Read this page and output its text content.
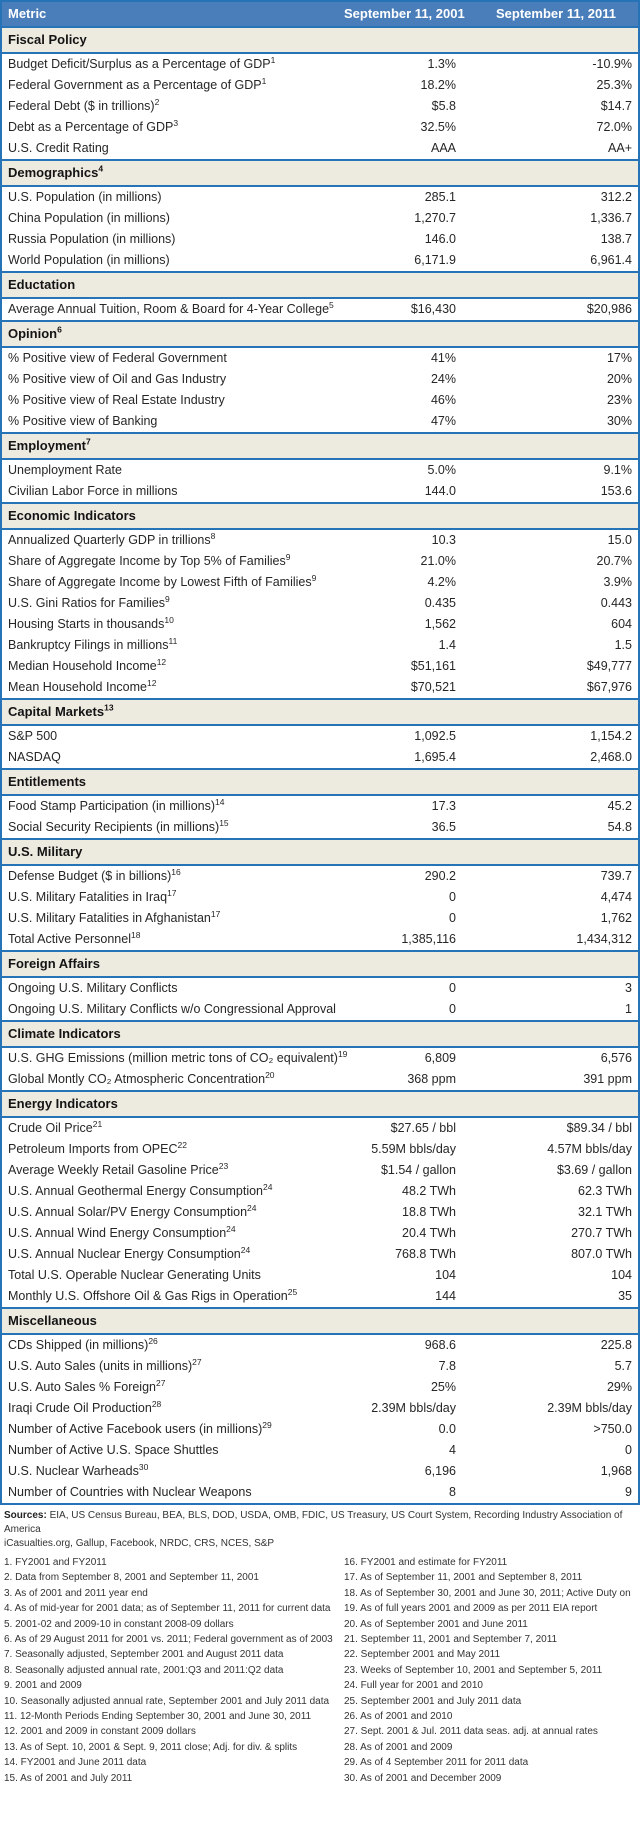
Metric	September 11, 2001	September 11, 2011
Fiscal Policy		
Budget Deficit/Surplus as a Percentage of GDP$^1$	1.3%	-10.9%
Federal Government as a Percentage of GDP$^1$	18.2%	25.3%
Federal Debt ($ in trillions)$^2$	$5.8	$14.7
Debt as a Percentage of GDP$^3$	32.5%	72.0%
U.S. Credit Rating	AAA	AA+
Demographics$^4$
U.S. Population (in millions)	285.1	312.2
China Population (in millions)	1,270.7	1,336.7
Russia Population (in millions)	146.0	138.7
World Population (in millions)	6,171.9	6,961.4
Eductation		
Average Annual Tuition, Room & Board for 4-Year College$^5$	$16,430	$20,986
Opinion$^6$
% Positive view of Federal Government	41%	17%
% Positive view of Oil and Gas Industry	24%	20%
% Positive view of Real Estate Industry	46%	23%
% Positive view of Banking	47%	30%
Employment$^7$
Unemployment Rate	5.0%	9.1%
Civilian Labor Force in millions	144.0	153.6
Economic Indicators		
Annualized Quarterly GDP in trillions$^8$	10.3	15.0
Share of Aggregate Income by Top 5% of Families$^9$	21.0%	20.7%
Share of Aggregate Income by Lowest Fifth of Families$^9$	4.2%	3.9%
U.S. Gini Ratios for Families$^9$	0.435	0.443
Housing Starts in thousands$^{10}$	1,562	604
Bankruptcy Filings in millions$^{11}$	1.4	1.5
Median Household Income$^{12}$	$51,161	$49,777
Mean Household Income$^{12}$	$70,521	$67,976
Capital Markets$^{13}$
S&P 500	1,092.5	1,154.2
NASDAQ	1,695.4	2,468.0
Entitlements		
Food Stamp Participation (in millions)$^{14}$	17.3	45.2
Social Security Recipients (in millions)$^{15}$	36.5	54.8
U.S. Military		
Defense Budget ($ in billions)$^{16}$	290.2	739.7
U.S. Military Fatalities in Iraq$^{17}$	0	4,474
U.S. Military Fatalities in Afghanistan$^{17}$	0	1,762
Total Active Personnel$^{18}$	1,385,116	1,434,312
Foreign Affairs		
Ongoing U.S. Military Conflicts	0	3
Ongoing U.S. Military Conflicts w/o Congressional Approval	0	1
Climate Indicators		
U.S. GHG Emissions (million metric tons of CO₂ equivalent)$^{19}$	6,809	6,576
Global Montly CO₂ Atmospheric Concentration$^{20}$	368 ppm	391 ppm
Energy Indicators		
Crude Oil Price$^{21}$	$27.65 / bbl	$89.34 / bbl
Petroleum Imports from OPEC$^{22}$	5.59M bbls/day	4.57M bbls/day
Average Weekly Retail Gasoline Price$^{23}$	$1.54 / gallon	$3.69 / gallon
U.S. Annual Geothermal Energy Consumption$^{24}$	48.2 TWh	62.3 TWh
U.S. Annual Solar/PV Energy Consumption$^{24}$	18.8 TWh	32.1 TWh
U.S. Annual Wind Energy Consumption$^{24}$	20.4 TWh	270.7 TWh
U.S. Annual Nuclear Energy Consumption$^{24}$	768.8 TWh	807.0 TWh
Total U.S. Operable Nuclear Generating Units	104	104
Monthly U.S. Offshore Oil & Gas Rigs in Operation$^{25}$	144	35
Miscellaneous		
CDs Shipped (in millions)$^{26}$	968.6	225.8
U.S. Auto Sales (units in millions)$^{27}$	7.8	5.7
U.S. Auto Sales % Foreign$^{27}$	25%	29%
Iraqi Crude Oil Production$^{28}$	2.39M bbls/day	2.39M bbls/day
Number of Active Facebook users (in millions)$^{29}$	0.0	>750.0
Number of Active U.S. Space Shuttles	4	0
U.S. Nuclear Warheads$^{30}$	6,196	1,968
Number of Countries with Nuclear Weapons	8	9
Sources: EIA, US Census Bureau, BEA, BLS, DOD, USDA, OMB, FDIC, US Treasury, US Court System, Recording Industry Association of America
iCasualties.org, Gallup, Facebook, NRDC, CRS, NCES, S&P
1. FY2001 and FY2011
2. Data from September 8, 2001 and September 11, 2001
3. As of 2001 and 2011 year end
4. As of mid-year for 2001 data; as of September 11, 2011 for current data
5. 2001-02 and 2009-10 in constant 2008-09 dollars
6. As of 29 August 2011 for 2001 vs. 2011; Federal government as of 2003
7. Seasonally adjusted, September 2001 and August 2011 data
8. Seasonally adjusted annual rate, 2001:Q3 and 2011:Q2 data
9. 2001 and 2009
10. Seasonally adjusted annual rate, September 2001 and July 2011 data
11. 12-Month Periods Ending September 30, 2001 and June 30, 2011
12. 2001 and 2009 in constant 2009 dollars
13. As of Sept. 10, 2001 & Sept. 9, 2011 close; Adj. for div. & splits
14. FY2001 and June 2011 data
15. As of 2001 and July 2011
16. FY2001 and estimate for FY2011
17. As of September 11, 2001 and September 8, 2011
18. As of September 30, 2001 and June 30, 2011; Active Duty on
19. As of full years 2001 and 2009 as per 2011 EIA report
20. As of September 2001 and June 2011
21. September 11, 2001 and September 7, 2011
22. September 2001 and May 2011
23. Weeks of September 10, 2001 and September 5, 2011
24. Full year for 2001 and 2010
25. September 2001 and July 2011 data
26. As of 2001 and 2010
27. Sept. 2001 & Jul. 2011 data seas. adj. at annual rates
28. As of 2001 and 2009
29. As of 4 September 2011 for 2011 data
30. As of 2001 and December 2009
